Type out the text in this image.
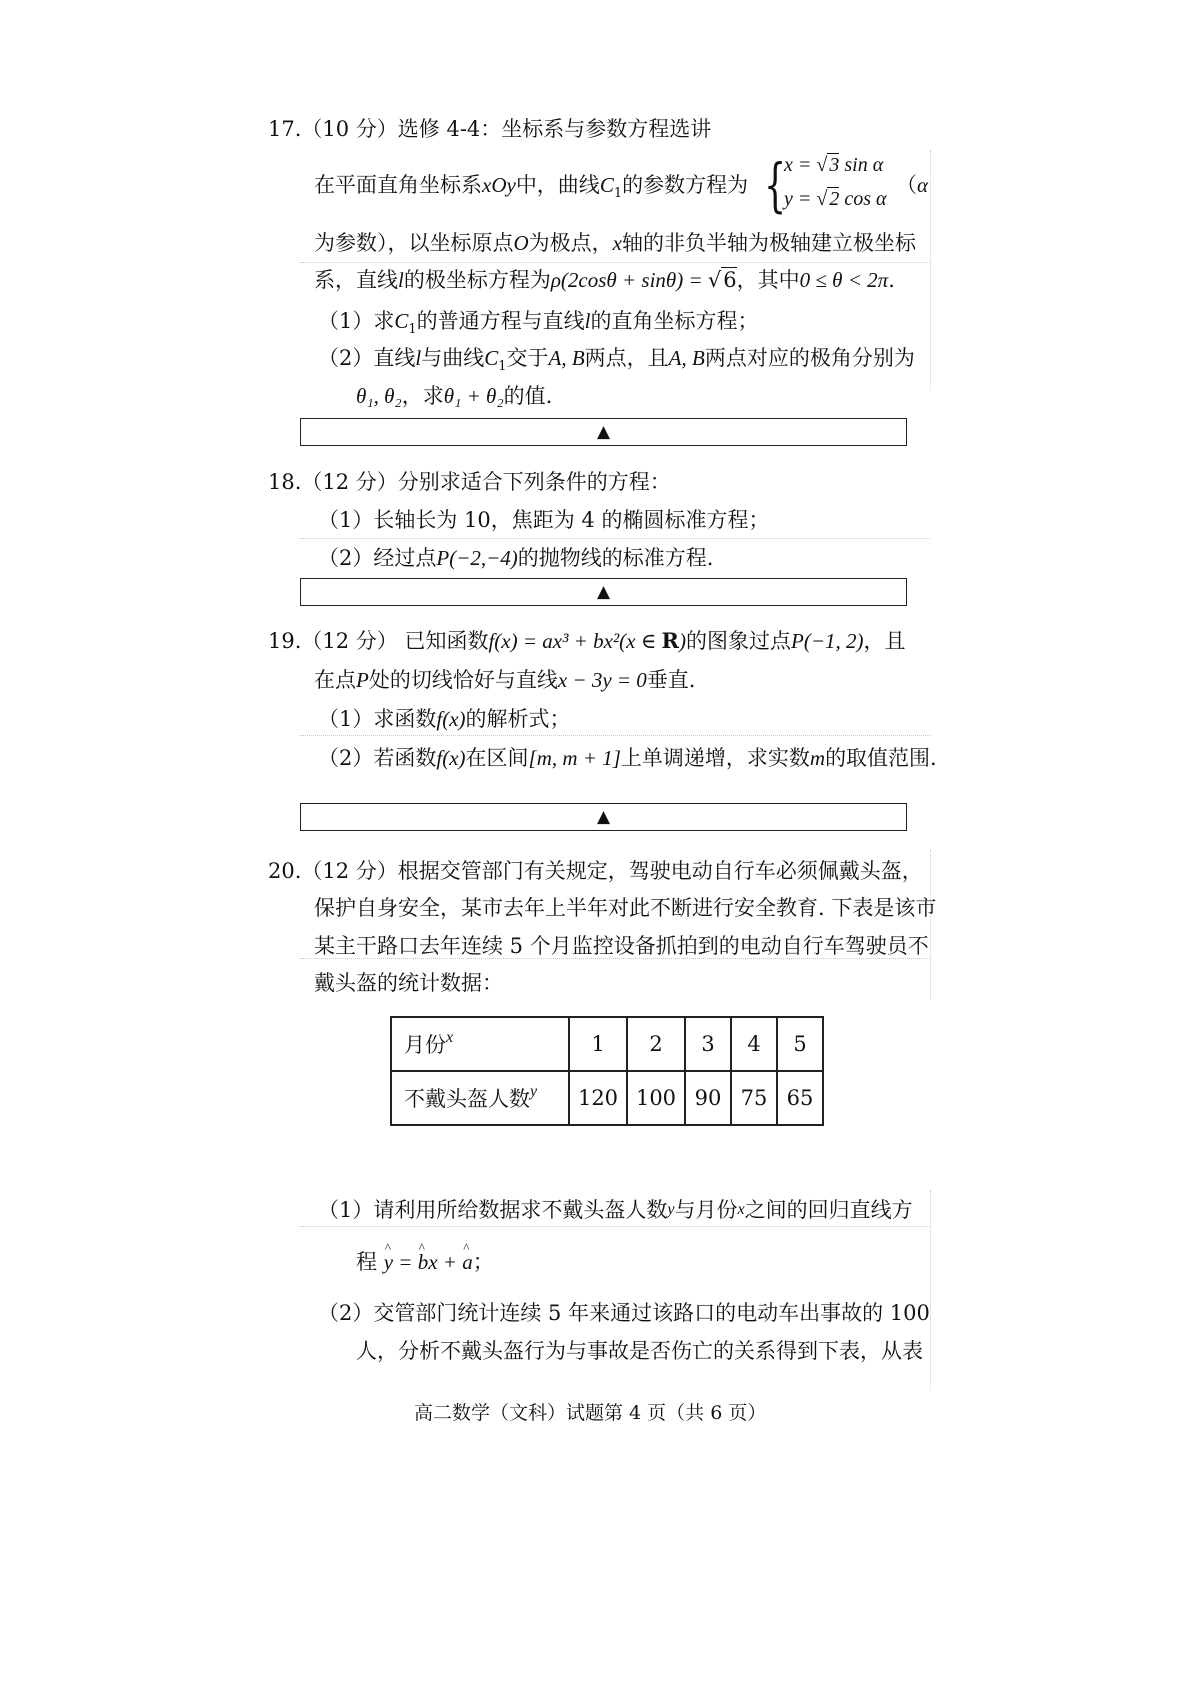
17.（10 分）选修 4-4：坐标系与参数方程选讲
在平面直角坐标系xOy中，曲线$C_1$的参数方程为 {
x = √ 3 sin α
y = √ 2 cos α
（α
为参数），以坐标原点O为极点，x轴的非负半轴为极轴建立极坐标
系，直线l的极坐标方程为ρ(2cosθ + sinθ) = √6，其中0 ≤ θ < 2π.
（1）求$C_1$的普通方程与直线l的直角坐标方程；
（2）直线l与曲线$C_1$交于A, B两点，且A, B两点对应的极角分别为
θ₁, θ₂，求θ₁ + θ₂的值.
▲
18.（12 分）分别求适合下列条件的方程：
（1）长轴长为 10，焦距为 4 的椭圆标准方程；
（2）经过点P(−2,−4)的抛物线的标准方程.
▲
19.（12 分） 已知函数f(x) = ax³ + bx²(x ∈ R)的图象过点P(−1, 2)，且
在点P处的切线恰好与直线x − 3y = 0垂直.
（1）求函数f(x)的解析式；
（2）若函数f(x)在区间[m, m + 1]上单调递增，求实数m的取值范围.
▲
20.（12 分）根据交管部门有关规定，驾驶电动自行车必须佩戴头盔，
保护自身安全，某市去年上半年对此不断进行安全教育. 下表是该市
某主干路口去年连续 5 个月监控设备抓拍到的电动自行车驾驶员不
戴头盔的统计数据：
月份$^x$	1	2	3	4	5
不戴头盔人数$^y$	120	100	90	75	65
（1）请利用所给数据求不戴头盔人数$^y$与月份$^x$之间的回归直线方
程 ^ y = ^ bx + ^ a；
（2）交管部门统计连续 5 年来通过该路口的电动车出事故的 100
人，分析不戴头盔行为与事故是否伤亡的关系得到下表，从表
高二数学（文科）试题第 4 页（共 6 页）
